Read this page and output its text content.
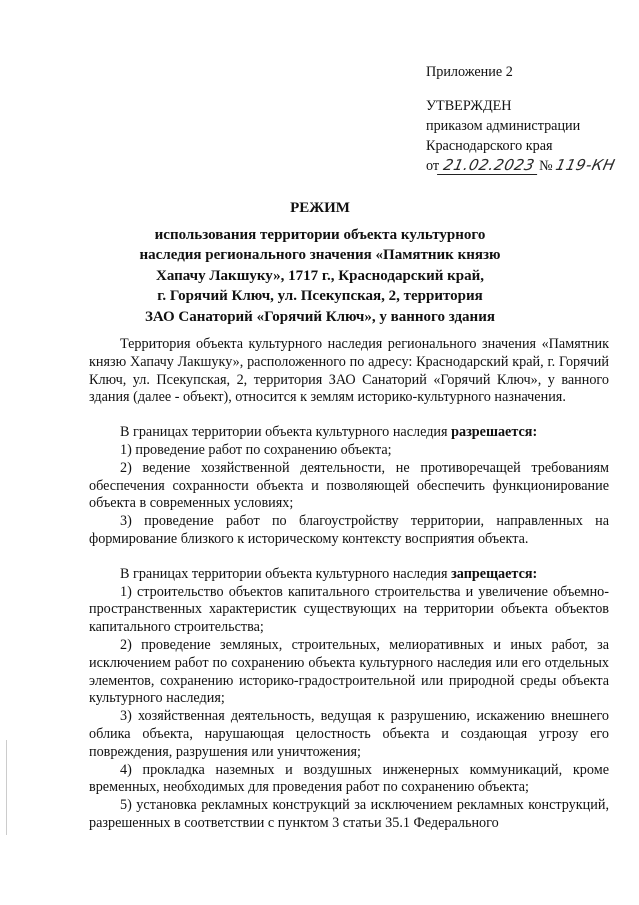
Приложение 2
УТВЕРЖДЕН
приказом администрации
Краснодарского края
от 21.02.2023 № 119-КН
РЕЖИМ
использования территории объекта культурного
наследия регионального значения «Памятник князю
Хапачу Лакшуку», 1717 г., Краснодарский край,
г. Горячий Ключ, ул. Псекупская, 2, территория
ЗАО Санаторий «Горячий Ключ», у ванного здания

Территория объекта культурного наследия регионального значения «Памятник князю Хапачу Лакшуку», расположенного по адресу: Краснодарский край, г. Горячий Ключ, ул. Псекупская, 2, территория ЗАО Санаторий «Горячий Ключ», у ванного здания (далее - объект), относится к землям историко-культурного назначения.

В границах территории объекта культурного наследия разрешается:

1) проведение работ по сохранению объекта;

2) ведение хозяйственной деятельности, не противоречащей требованиям обеспечения сохранности объекта и позволяющей обеспечить функционирование объекта в современных условиях;

3) проведение работ по благоустройству территории, направленных на формирование близкого к историческому контексту восприятия объекта.

В границах территории объекта культурного наследия запрещается:

1) строительство объектов капитального строительства и увеличение объемно-пространственных характеристик существующих на территории объекта объектов капитального строительства;

2) проведение земляных, строительных, мелиоративных и иных работ, за исключением работ по сохранению объекта культурного наследия или его отдельных элементов, сохранению историко-градостроительной или природной среды объекта культурного наследия;

3) хозяйственная деятельность, ведущая к разрушению, искажению внешнего облика объекта, нарушающая целостность объекта и создающая угрозу его повреждения, разрушения или уничтожения;

4) прокладка наземных и воздушных инженерных коммуникаций, кроме временных, необходимых для проведения работ по сохранению объекта;

5) установка рекламных конструкций за исключением рекламных конструкций, разрешенных в соответствии с пунктом 3 статьи 35.1 Федерального
